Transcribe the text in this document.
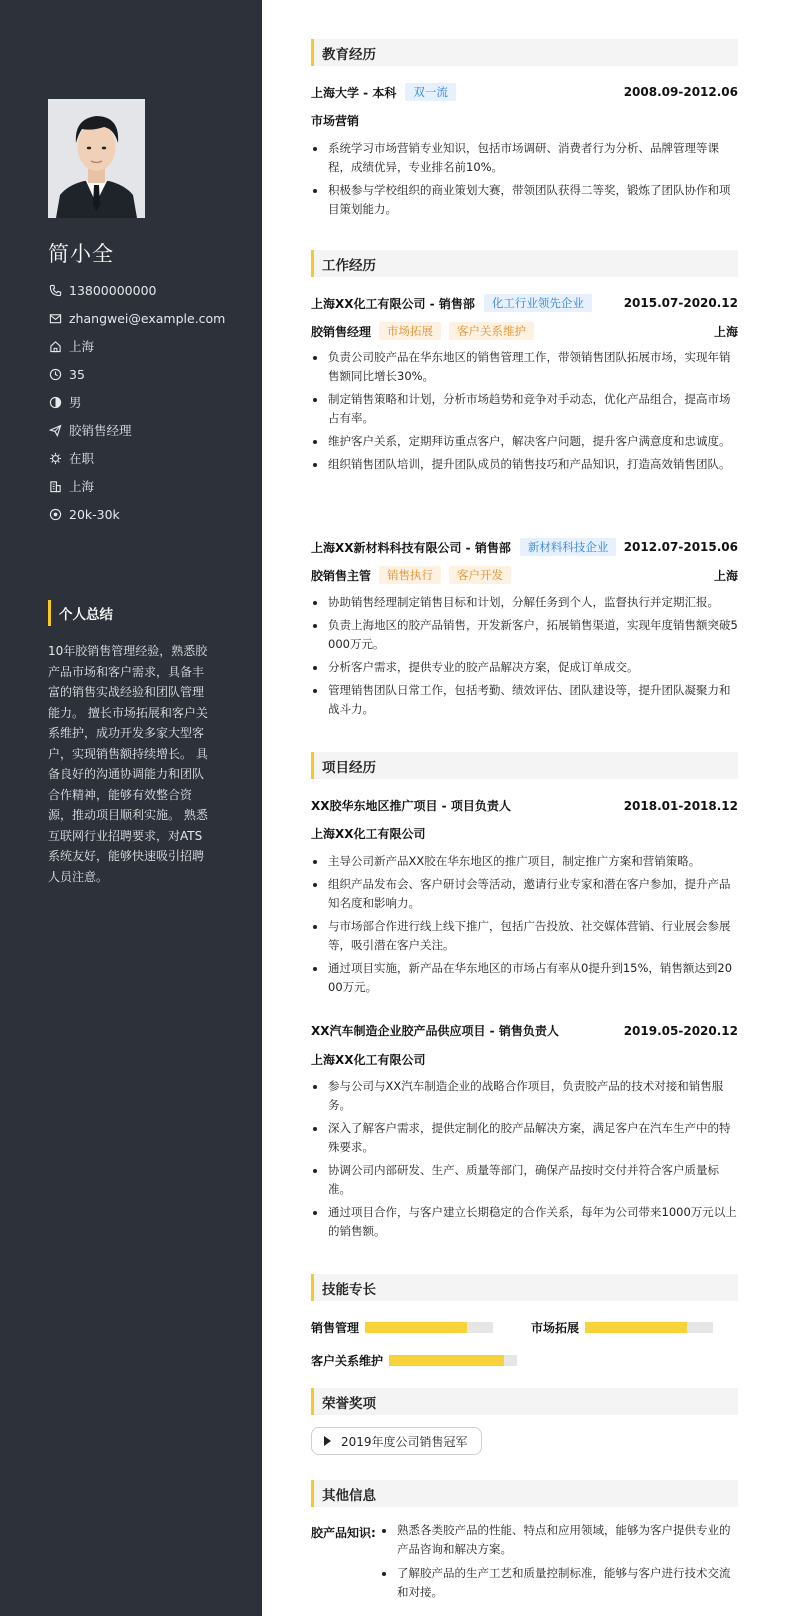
简小全
13800000000
zhangwei@example.com
上海
35
男
胶销售经理
在职
上海
20k-30k
个人总结
10年胶销售管理经验，熟悉胶产品市场和客户需求，具备丰富的销售实战经验和团队管理能力。 擅长市场拓展和客户关系维护，成功开发多家大型客户，实现销售额持续增长。 具备良好的沟通协调能力和团队合作精神，能够有效整合资源，推动项目顺利实施。 熟悉互联网行业招聘要求，对ATS系统友好，能够快速吸引招聘人员注意。
教育经历
上海大学 - 本科	双一流	2008.09-2012.06
市场营销
系统学习市场营销专业知识，包括市场调研、消费者行为分析、品牌管理等课程，成绩优异，专业排名前10%。
积极参与学校组织的商业策划大赛，带领团队获得二等奖，锻炼了团队协作和项目策划能力。
工作经历
上海XX化工有限公司 - 销售部	化工行业领先企业	2015.07-2020.12
胶销售经理	市场拓展	客户关系维护	上海
负责公司胶产品在华东地区的销售管理工作，带领销售团队拓展市场，实现年销售额同比增长30%。
制定销售策略和计划，分析市场趋势和竞争对手动态，优化产品组合，提高市场占有率。
维护客户关系，定期拜访重点客户，解决客户问题，提升客户满意度和忠诚度。
组织销售团队培训，提升团队成员的销售技巧和产品知识，打造高效销售团队。
上海XX新材料科技有限公司 - 销售部	新材料科技企业	2012.07-2015.06
胶销售主管	销售执行	客户开发	上海
协助销售经理制定销售目标和计划，分解任务到个人，监督执行并定期汇报。
负责上海地区的胶产品销售，开发新客户，拓展销售渠道，实现年度销售额突破5000万元。
分析客户需求，提供专业的胶产品解决方案，促成订单成交。
管理销售团队日常工作，包括考勤、绩效评估、团队建设等，提升团队凝聚力和战斗力。
项目经历
XX胶华东地区推广项目 - 项目负责人	2018.01-2018.12
上海XX化工有限公司
主导公司新产品XX胶在华东地区的推广项目，制定推广方案和营销策略。
组织产品发布会、客户研讨会等活动，邀请行业专家和潜在客户参加，提升产品知名度和影响力。
与市场部合作进行线上线下推广，包括广告投放、社交媒体营销、行业展会参展等，吸引潜在客户关注。
通过项目实施，新产品在华东地区的市场占有率从0提升到15%，销售额达到2000万元。
XX汽车制造企业胶产品供应项目 - 销售负责人	2019.05-2020.12
上海XX化工有限公司
参与公司与XX汽车制造企业的战略合作项目，负责胶产品的技术对接和销售服务。
深入了解客户需求，提供定制化的胶产品解决方案，满足客户在汽车生产中的特殊要求。
协调公司内部研发、生产、质量等部门，确保产品按时交付并符合客户质量标准。
通过项目合作，与客户建立长期稳定的合作关系，每年为公司带来1000万元以上的销售额。
技能专长
销售管理	市场拓展
客户关系维护
荣誉奖项
2019年度公司销售冠军
其他信息
胶产品知识:	熟悉各类胶产品的性能、特点和应用领域，能够为客户提供专业的产品咨询和解决方案。
了解胶产品的生产工艺和质量控制标准，能够与客户进行技术交流和对接。
